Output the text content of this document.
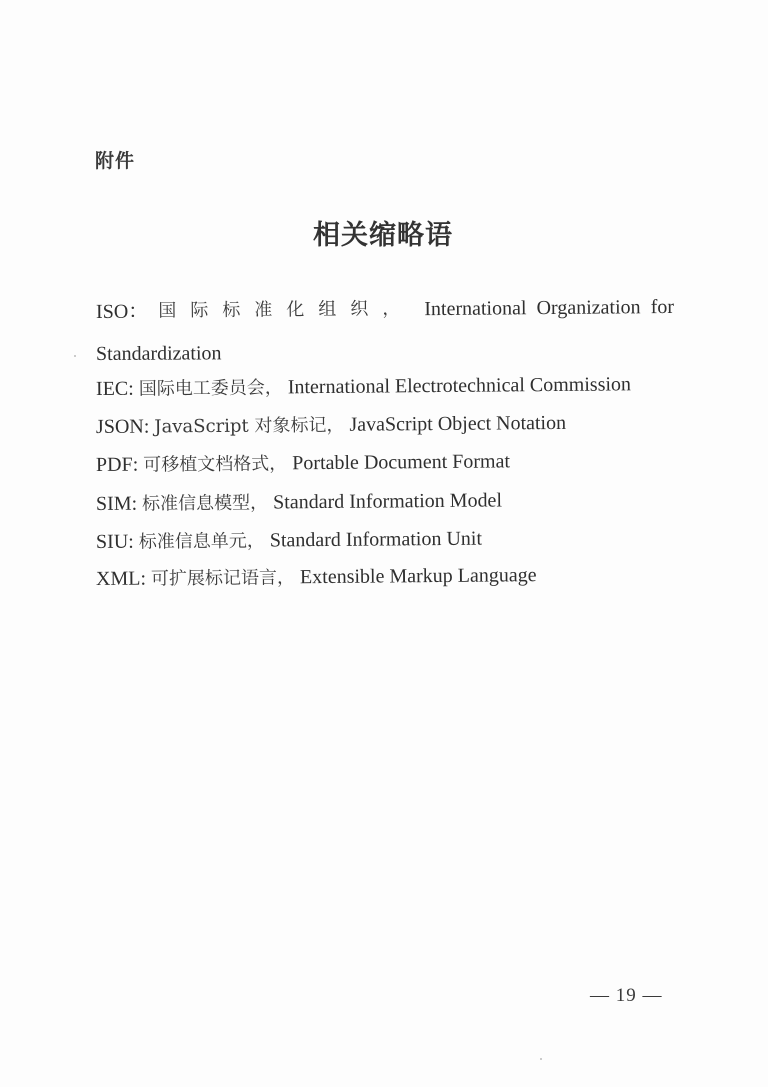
附件
相关缩略语
ISO： 国 际 标 准 化 组 织 ， International Organization for
Standardization
IEC: 国际电工委员会， International Electrotechnical Commission
JSON: JavaScript 对象标记， JavaScript Object Notation
PDF: 可移植文档格式， Portable Document Format
SIM: 标准信息模型， Standard Information Model
SIU: 标准信息单元， Standard Information Unit
XML: 可扩展标记语言， Extensible Markup Language
— 19 —
